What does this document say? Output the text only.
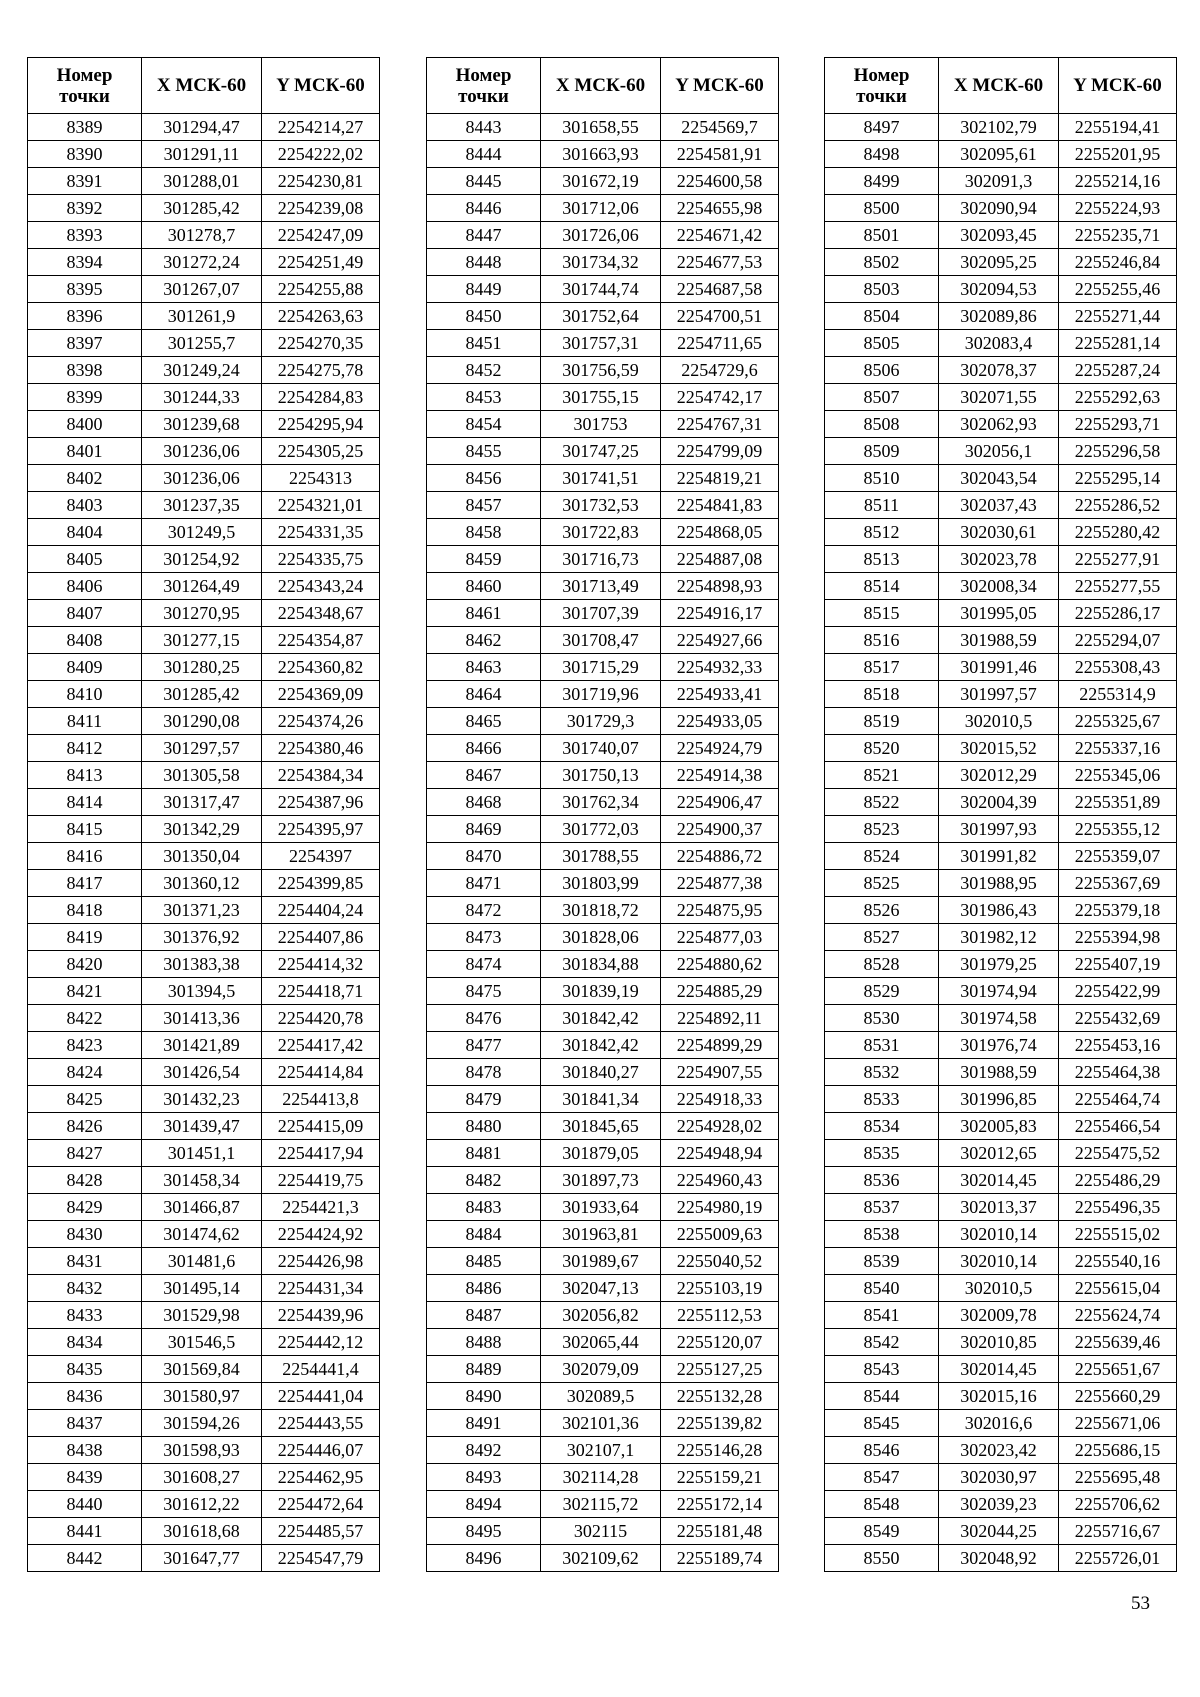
Номер
точки	X МСК-60	Y МСК-60
8389	301294,47	2254214,27
8390	301291,11	2254222,02
8391	301288,01	2254230,81
8392	301285,42	2254239,08
8393	301278,7	2254247,09
8394	301272,24	2254251,49
8395	301267,07	2254255,88
8396	301261,9	2254263,63
8397	301255,7	2254270,35
8398	301249,24	2254275,78
8399	301244,33	2254284,83
8400	301239,68	2254295,94
8401	301236,06	2254305,25
8402	301236,06	2254313
8403	301237,35	2254321,01
8404	301249,5	2254331,35
8405	301254,92	2254335,75
8406	301264,49	2254343,24
8407	301270,95	2254348,67
8408	301277,15	2254354,87
8409	301280,25	2254360,82
8410	301285,42	2254369,09
8411	301290,08	2254374,26
8412	301297,57	2254380,46
8413	301305,58	2254384,34
8414	301317,47	2254387,96
8415	301342,29	2254395,97
8416	301350,04	2254397
8417	301360,12	2254399,85
8418	301371,23	2254404,24
8419	301376,92	2254407,86
8420	301383,38	2254414,32
8421	301394,5	2254418,71
8422	301413,36	2254420,78
8423	301421,89	2254417,42
8424	301426,54	2254414,84
8425	301432,23	2254413,8
8426	301439,47	2254415,09
8427	301451,1	2254417,94
8428	301458,34	2254419,75
8429	301466,87	2254421,3
8430	301474,62	2254424,92
8431	301481,6	2254426,98
8432	301495,14	2254431,34
8433	301529,98	2254439,96
8434	301546,5	2254442,12
8435	301569,84	2254441,4
8436	301580,97	2254441,04
8437	301594,26	2254443,55
8438	301598,93	2254446,07
8439	301608,27	2254462,95
8440	301612,22	2254472,64
8441	301618,68	2254485,57
8442	301647,77	2254547,79
Номер
точки	X МСК-60	Y МСК-60
8443	301658,55	2254569,7
8444	301663,93	2254581,91
8445	301672,19	2254600,58
8446	301712,06	2254655,98
8447	301726,06	2254671,42
8448	301734,32	2254677,53
8449	301744,74	2254687,58
8450	301752,64	2254700,51
8451	301757,31	2254711,65
8452	301756,59	2254729,6
8453	301755,15	2254742,17
8454	301753	2254767,31
8455	301747,25	2254799,09
8456	301741,51	2254819,21
8457	301732,53	2254841,83
8458	301722,83	2254868,05
8459	301716,73	2254887,08
8460	301713,49	2254898,93
8461	301707,39	2254916,17
8462	301708,47	2254927,66
8463	301715,29	2254932,33
8464	301719,96	2254933,41
8465	301729,3	2254933,05
8466	301740,07	2254924,79
8467	301750,13	2254914,38
8468	301762,34	2254906,47
8469	301772,03	2254900,37
8470	301788,55	2254886,72
8471	301803,99	2254877,38
8472	301818,72	2254875,95
8473	301828,06	2254877,03
8474	301834,88	2254880,62
8475	301839,19	2254885,29
8476	301842,42	2254892,11
8477	301842,42	2254899,29
8478	301840,27	2254907,55
8479	301841,34	2254918,33
8480	301845,65	2254928,02
8481	301879,05	2254948,94
8482	301897,73	2254960,43
8483	301933,64	2254980,19
8484	301963,81	2255009,63
8485	301989,67	2255040,52
8486	302047,13	2255103,19
8487	302056,82	2255112,53
8488	302065,44	2255120,07
8489	302079,09	2255127,25
8490	302089,5	2255132,28
8491	302101,36	2255139,82
8492	302107,1	2255146,28
8493	302114,28	2255159,21
8494	302115,72	2255172,14
8495	302115	2255181,48
8496	302109,62	2255189,74
Номер
точки	X МСК-60	Y МСК-60
8497	302102,79	2255194,41
8498	302095,61	2255201,95
8499	302091,3	2255214,16
8500	302090,94	2255224,93
8501	302093,45	2255235,71
8502	302095,25	2255246,84
8503	302094,53	2255255,46
8504	302089,86	2255271,44
8505	302083,4	2255281,14
8506	302078,37	2255287,24
8507	302071,55	2255292,63
8508	302062,93	2255293,71
8509	302056,1	2255296,58
8510	302043,54	2255295,14
8511	302037,43	2255286,52
8512	302030,61	2255280,42
8513	302023,78	2255277,91
8514	302008,34	2255277,55
8515	301995,05	2255286,17
8516	301988,59	2255294,07
8517	301991,46	2255308,43
8518	301997,57	2255314,9
8519	302010,5	2255325,67
8520	302015,52	2255337,16
8521	302012,29	2255345,06
8522	302004,39	2255351,89
8523	301997,93	2255355,12
8524	301991,82	2255359,07
8525	301988,95	2255367,69
8526	301986,43	2255379,18
8527	301982,12	2255394,98
8528	301979,25	2255407,19
8529	301974,94	2255422,99
8530	301974,58	2255432,69
8531	301976,74	2255453,16
8532	301988,59	2255464,38
8533	301996,85	2255464,74
8534	302005,83	2255466,54
8535	302012,65	2255475,52
8536	302014,45	2255486,29
8537	302013,37	2255496,35
8538	302010,14	2255515,02
8539	302010,14	2255540,16
8540	302010,5	2255615,04
8541	302009,78	2255624,74
8542	302010,85	2255639,46
8543	302014,45	2255651,67
8544	302015,16	2255660,29
8545	302016,6	2255671,06
8546	302023,42	2255686,15
8547	302030,97	2255695,48
8548	302039,23	2255706,62
8549	302044,25	2255716,67
8550	302048,92	2255726,01
53
